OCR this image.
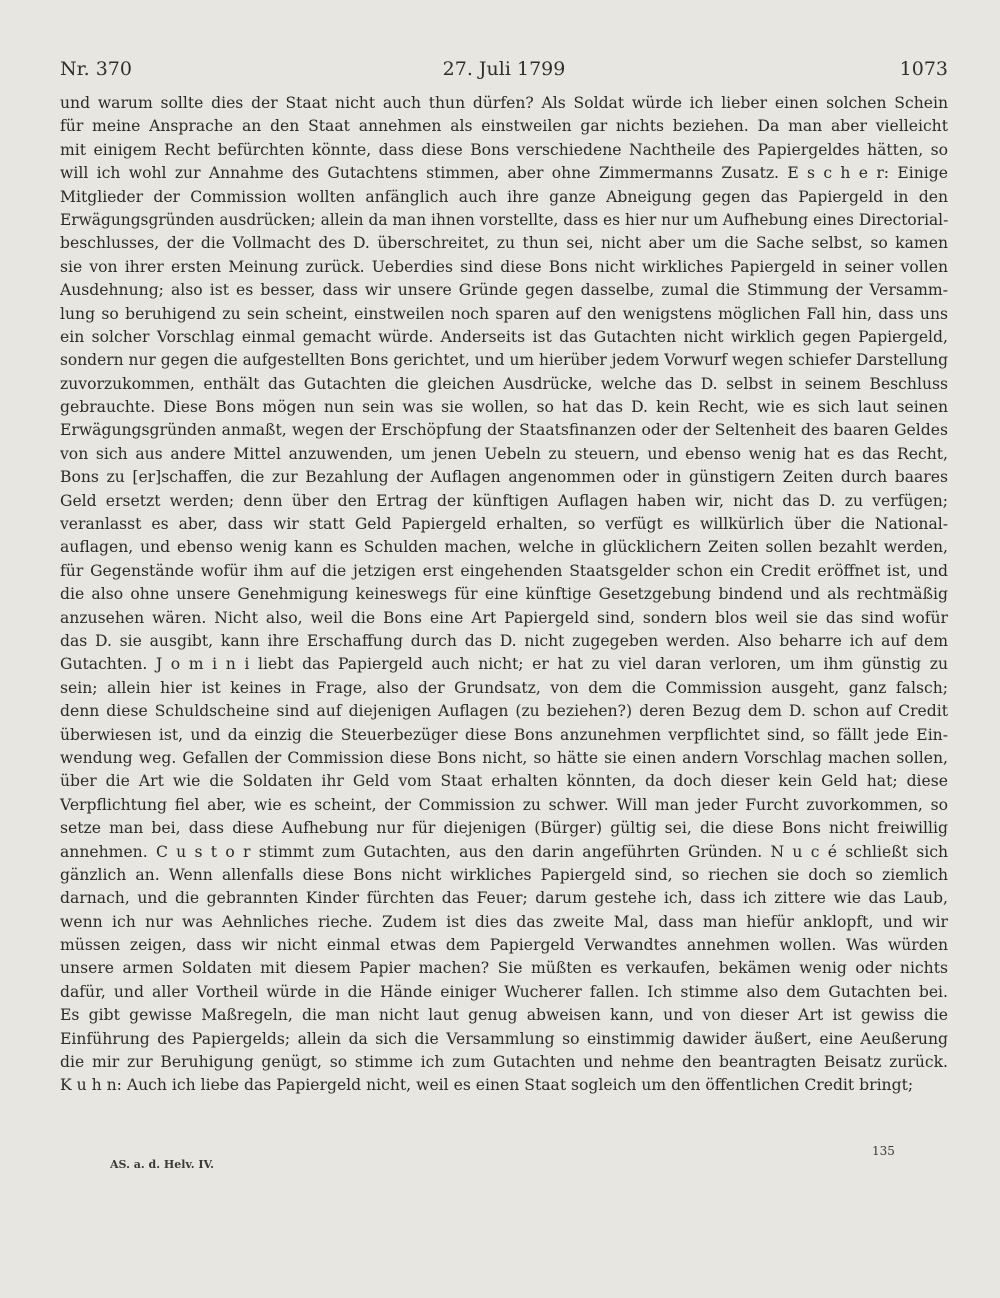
Nr. 370	27. Juli 1799	1073
und warum sollte dies der Staat nicht auch thun dürfen? Als Soldat würde ich lieber einen solchen Schein
für meine Ansprache an den Staat annehmen als einstweilen gar nichts beziehen. Da man aber vielleicht
mit einigem Recht befürchten könnte, dass diese Bons verschiedene Nachtheile des Papiergeldes hätten, so
will ich wohl zur Annahme des Gutachtens stimmen, aber ohne Zimmermanns Zusatz. E s c h e r: Einige
Mitglieder der Commission wollten anfänglich auch ihre ganze Abneigung gegen das Papiergeld in den
Erwägungsgründen ausdrücken; allein da man ihnen vorstellte, dass es hier nur um Aufhebung eines Directorial-
beschlusses, der die Vollmacht des D. überschreitet, zu thun sei, nicht aber um die Sache selbst, so kamen
sie von ihrer ersten Meinung zurück. Ueberdies sind diese Bons nicht wirkliches Papiergeld in seiner vollen
Ausdehnung; also ist es besser, dass wir unsere Gründe gegen dasselbe, zumal die Stimmung der Versamm-
lung so beruhigend zu sein scheint, einstweilen noch sparen auf den wenigstens möglichen Fall hin, dass uns
ein solcher Vorschlag einmal gemacht würde. Anderseits ist das Gutachten nicht wirklich gegen Papiergeld,
sondern nur gegen die aufgestellten Bons gerichtet, und um hierüber jedem Vorwurf wegen schiefer Darstellung
zuvorzukommen, enthält das Gutachten die gleichen Ausdrücke, welche das D. selbst in seinem Beschluss
gebrauchte. Diese Bons mögen nun sein was sie wollen, so hat das D. kein Recht, wie es sich laut seinen
Erwägungsgründen anmaßt, wegen der Erschöpfung der Staatsfinanzen oder der Seltenheit des baaren Geldes
von sich aus andere Mittel anzuwenden, um jenen Uebeln zu steuern, und ebenso wenig hat es das Recht,
Bons zu [er]schaffen, die zur Bezahlung der Auflagen angenommen oder in günstigern Zeiten durch baares
Geld ersetzt werden; denn über den Ertrag der künftigen Auflagen haben wir, nicht das D. zu verfügen;
veranlasst es aber, dass wir statt Geld Papiergeld erhalten, so verfügt es willkürlich über die National-
auflagen, und ebenso wenig kann es Schulden machen, welche in glücklichern Zeiten sollen bezahlt werden,
für Gegenstände wofür ihm auf die jetzigen erst eingehenden Staatsgelder schon ein Credit eröffnet ist, und
die also ohne unsere Genehmigung keineswegs für eine künftige Gesetzgebung bindend und als rechtmäßig
anzusehen wären. Nicht also, weil die Bons eine Art Papiergeld sind, sondern blos weil sie das sind wofür
das D. sie ausgibt, kann ihre Erschaffung durch das D. nicht zugegeben werden. Also beharre ich auf dem
Gutachten. J o m i n i liebt das Papiergeld auch nicht; er hat zu viel daran verloren, um ihm günstig zu
sein; allein hier ist keines in Frage, also der Grundsatz, von dem die Commission ausgeht, ganz falsch;
denn diese Schuldscheine sind auf diejenigen Auflagen (zu beziehen?) deren Bezug dem D. schon auf Credit
überwiesen ist, und da einzig die Steuerbezüger diese Bons anzunehmen verpflichtet sind, so fällt jede Ein-
wendung weg. Gefallen der Commission diese Bons nicht, so hätte sie einen andern Vorschlag machen sollen,
über die Art wie die Soldaten ihr Geld vom Staat erhalten könnten, da doch dieser kein Geld hat; diese
Verpflichtung fiel aber, wie es scheint, der Commission zu schwer. Will man jeder Furcht zuvorkommen, so
setze man bei, dass diese Aufhebung nur für diejenigen (Bürger) gültig sei, die diese Bons nicht freiwillig
annehmen. C u s t o r stimmt zum Gutachten, aus den darin angeführten Gründen. N u c é schließt sich
gänzlich an. Wenn allenfalls diese Bons nicht wirkliches Papiergeld sind, so riechen sie doch so ziemlich
darnach, und die gebrannten Kinder fürchten das Feuer; darum gestehe ich, dass ich zittere wie das Laub,
wenn ich nur was Aehnliches rieche. Zudem ist dies das zweite Mal, dass man hiefür anklopft, und wir
müssen zeigen, dass wir nicht einmal etwas dem Papiergeld Verwandtes annehmen wollen. Was würden
unsere armen Soldaten mit diesem Papier machen? Sie müßten es verkaufen, bekämen wenig oder nichts
dafür, und aller Vortheil würde in die Hände einiger Wucherer fallen. Ich stimme also dem Gutachten bei.
Es gibt gewisse Maßregeln, die man nicht laut genug abweisen kann, und von dieser Art ist gewiss die
Einführung des Papiergelds; allein da sich die Versammlung so einstimmig dawider äußert, eine Aeußerung
die mir zur Beruhigung genügt, so stimme ich zum Gutachten und nehme den beantragten Beisatz zurück.
K u h n: Auch ich liebe das Papiergeld nicht, weil es einen Staat sogleich um den öffentlichen Credit bringt;
AS. a. d. Helv. IV.
135
